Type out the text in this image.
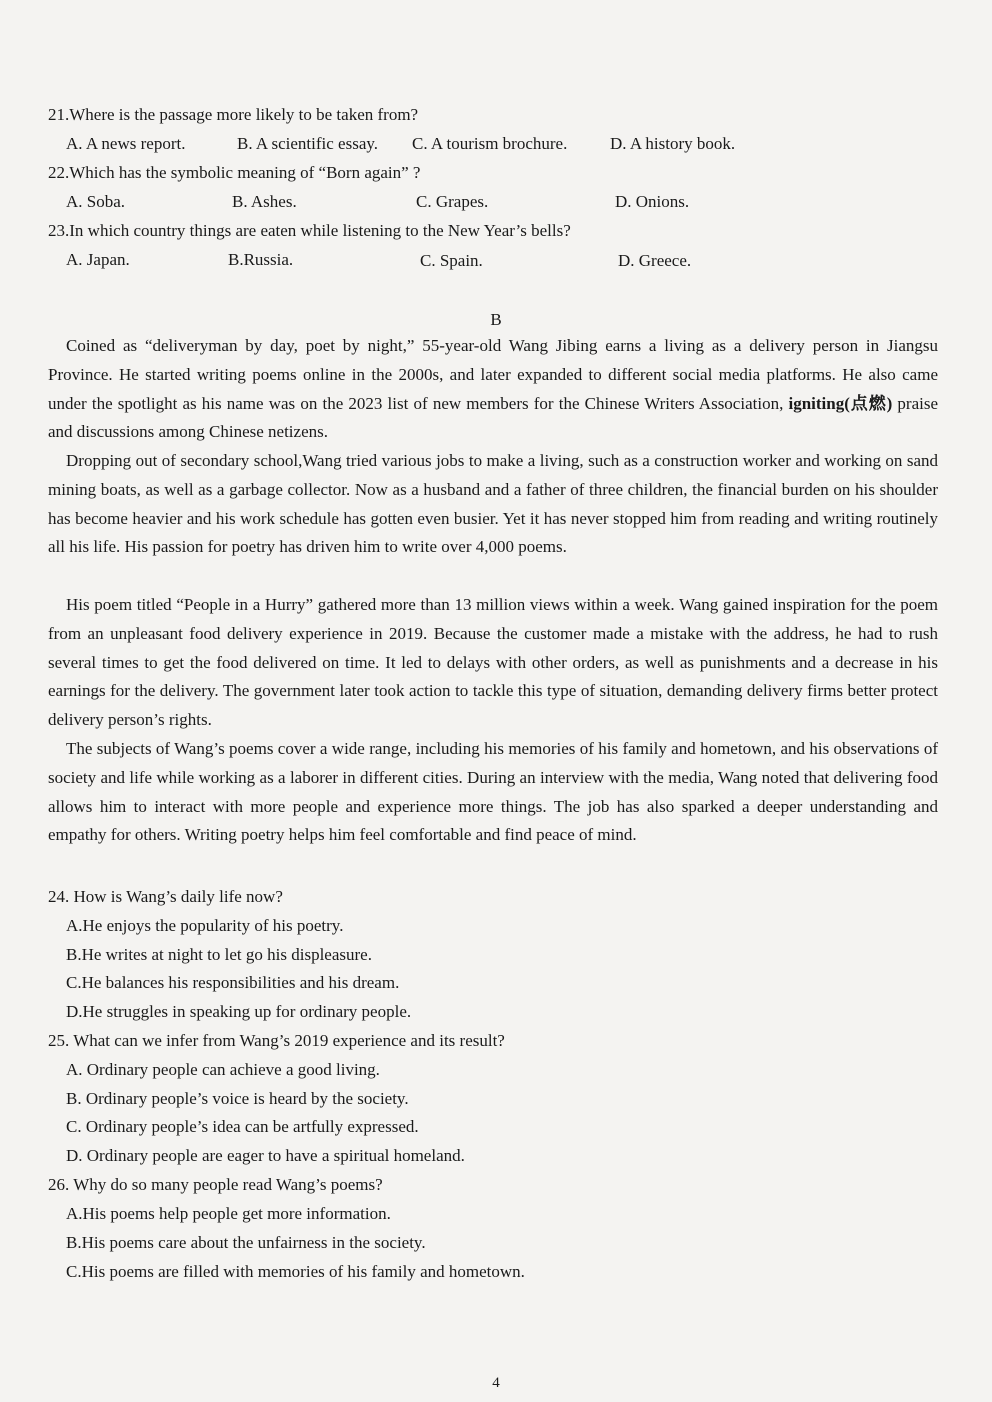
21.Where is the passage more likely to be taken from?
A. A news report.	B. A scientific essay. C. A tourism brochure.	D. A history book.
22.Which has the symbolic meaning of “Born again” ?
A. Soba.	B. Ashes.	C. Grapes.	D. Onions.
23.In which country things are eaten while listening to the New Year’s bells?
A. Japan.	B.Russia.	C. Spain.	D. Greece.
B

Coined as “deliveryman by day, poet by night,” 55-year-old Wang Jibing earns a living as a delivery person in Jiangsu Province. He started writing poems online in the 2000s, and later expanded to different social media platforms. He also came under the spotlight as his name was on the 2023 list of new members for the Chinese Writers Association, igniting(点燃) praise and discussions among Chinese netizens.

Dropping out of secondary school,Wang tried various jobs to make a living, such as a construction worker and working on sand mining boats, as well as a garbage collector. Now as a husband and a father of three children, the financial burden on his shoulder has become heavier and his work schedule has gotten even busier. Yet it has never stopped him from reading and writing routinely all his life. His passion for poetry has driven him to write over 4,000 poems.

His poem titled “People in a Hurry” gathered more than 13 million views within a week. Wang gained inspiration for the poem from an unpleasant food delivery experience in 2019. Because the customer made a mistake with the address, he had to rush several times to get the food delivered on time. It led to delays with other orders, as well as punishments and a decrease in his earnings for the delivery. The government later took action to tackle this type of situation, demanding delivery firms better protect delivery person’s rights.

The subjects of Wang’s poems cover a wide range, including his memories of his family and hometown, and his observations of society and life while working as a laborer in different cities. During an interview with the media, Wang noted that delivering food allows him to interact with more people and experience more things. The job has also sparked a deeper understanding and empathy for others. Writing poetry helps him feel comfortable and find peace of mind.

24. How is Wang’s daily life now?
A.He enjoys the popularity of his poetry.
B.He writes at night to let go his displeasure.
C.He balances his responsibilities and his dream.
D.He struggles in speaking up for ordinary people.
25. What can we infer from Wang’s 2019 experience and its result?
A. Ordinary people can achieve a good living.
B. Ordinary people’s voice is heard by the society.
C. Ordinary people’s idea can be artfully expressed.
D. Ordinary people are eager to have a spiritual homeland.
26. Why do so many people read Wang’s poems?
A.His poems help people get more information.
B.His poems care about the unfairness in the society.
C.His poems are filled with memories of his family and hometown.
4
